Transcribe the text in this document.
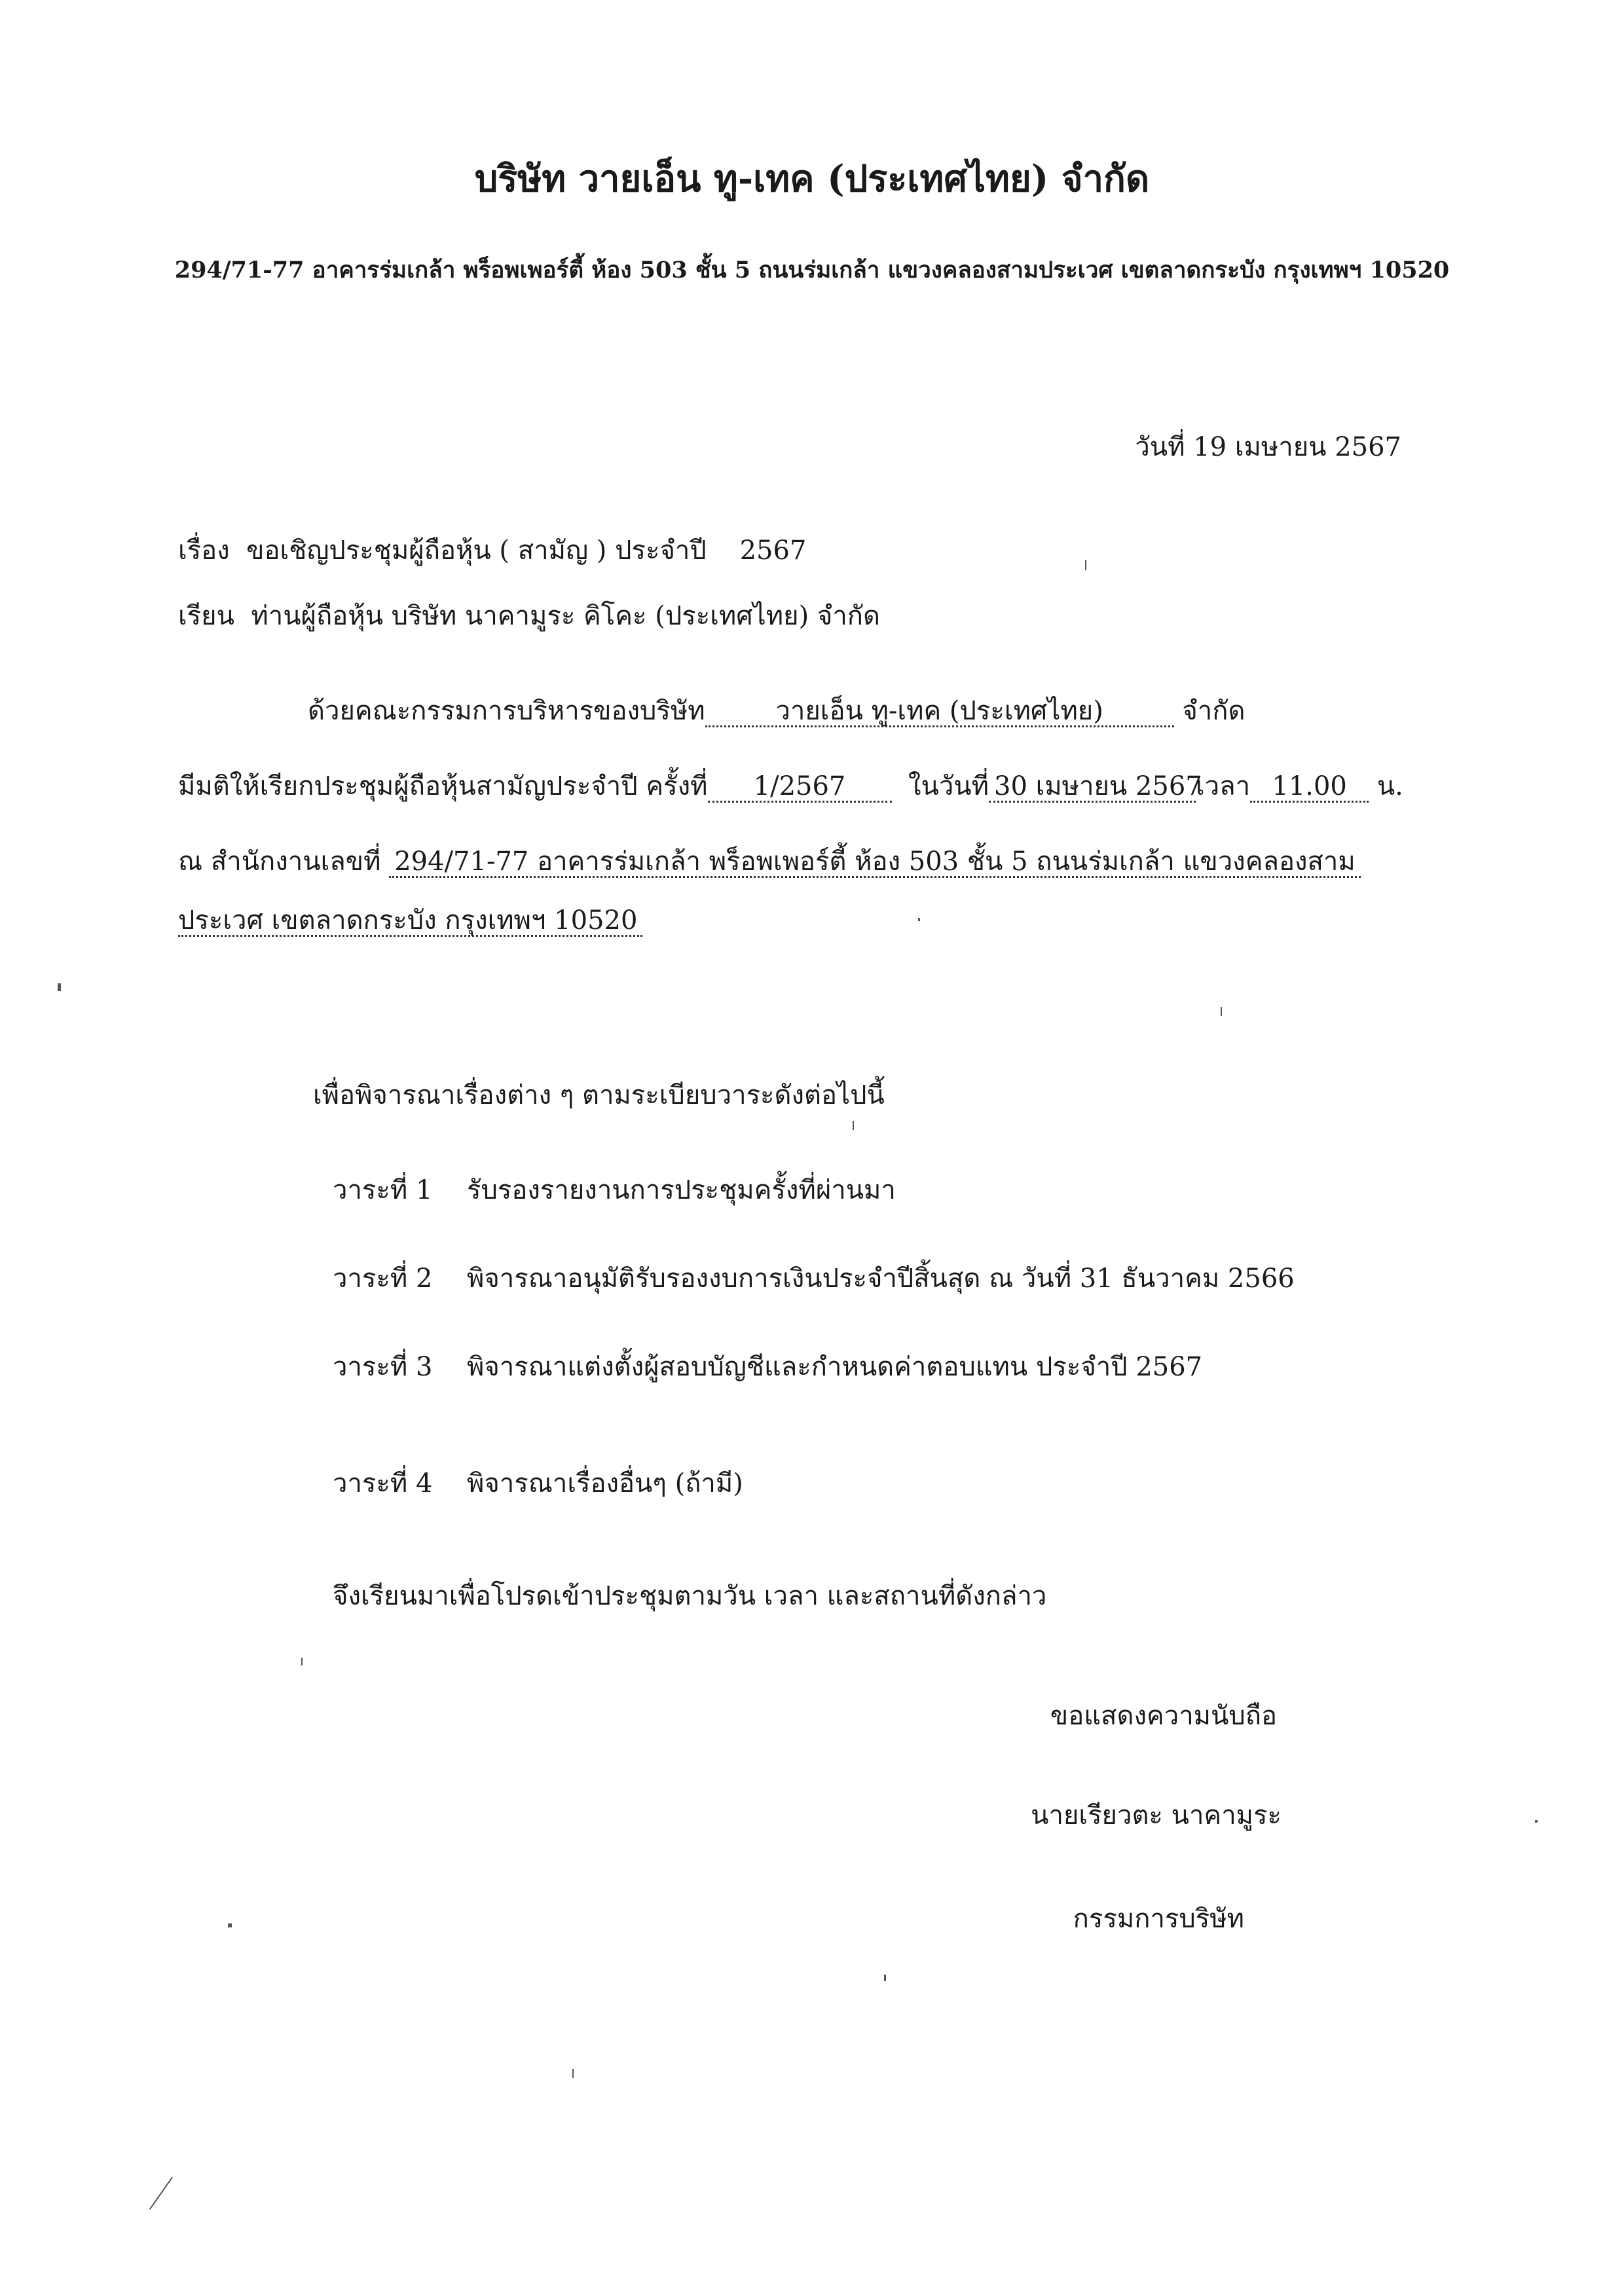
บริษัท วายเอ็น ทู-เทค (ประเทศไทย) จำกัด
294/71-77 อาคารร่มเกล้า พร็อพเพอร์ตี้ ห้อง 503 ชั้น 5 ถนนร่มเกล้า แขวงคลองสามประเวศ เขตลาดกระบัง กรุงเทพฯ 10520
วันที่ 19 เมษายน 2567
เรื่อง ขอเชิญประชุมผู้ถือหุ้น ( สามัญ ) ประจำปี 2567
เรียน ท่านผู้ถือหุ้น บริษัท นาคามูระ คิโคะ (ประเทศไทย) จำกัด
ด้วยคณะกรรมการบริหารของบริษัท	วายเอ็น ทู-เทค (ประเทศไทย)	จำกัด
มีมติให้เรียกประชุมผู้ถือหุ้นสามัญประจำปี ครั้งที่ 1/2567 ในวันที่ 30 เมษายน 2567เวลา 11.00 น.
ณ สำนักงานเลขที่ 294/71-77 อาคารร่มเกล้า พร็อพเพอร์ตี้ ห้อง 503 ชั้น 5 ถนนร่มเกล้า แขวงคลองสาม
ประเวศ เขตลาดกระบัง กรุงเทพฯ 10520
เพื่อพิจารณาเรื่องต่าง ๆ ตามระเบียบวาระดังต่อไปนี้
วาระที่ 1 รับรองรายงานการประชุมครั้งที่ผ่านมา
วาระที่ 2 พิจารณาอนุมัติรับรองงบการเงินประจำปีสิ้นสุด ณ วันที่ 31 ธันวาคม 2566
วาระที่ 3 พิจารณาแต่งตั้งผู้สอบบัญชีและกำหนดค่าตอบแทน ประจำปี 2567
วาระที่ 4 พิจารณาเรื่องอื่นๆ (ถ้ามี)
จึงเรียนมาเพื่อโปรดเข้าประชุมตามวัน เวลา และสถานที่ดังกล่าว
ขอแสดงความนับถือ
นายเรียวตะ นาคามูระ
กรรมการบริษัท
